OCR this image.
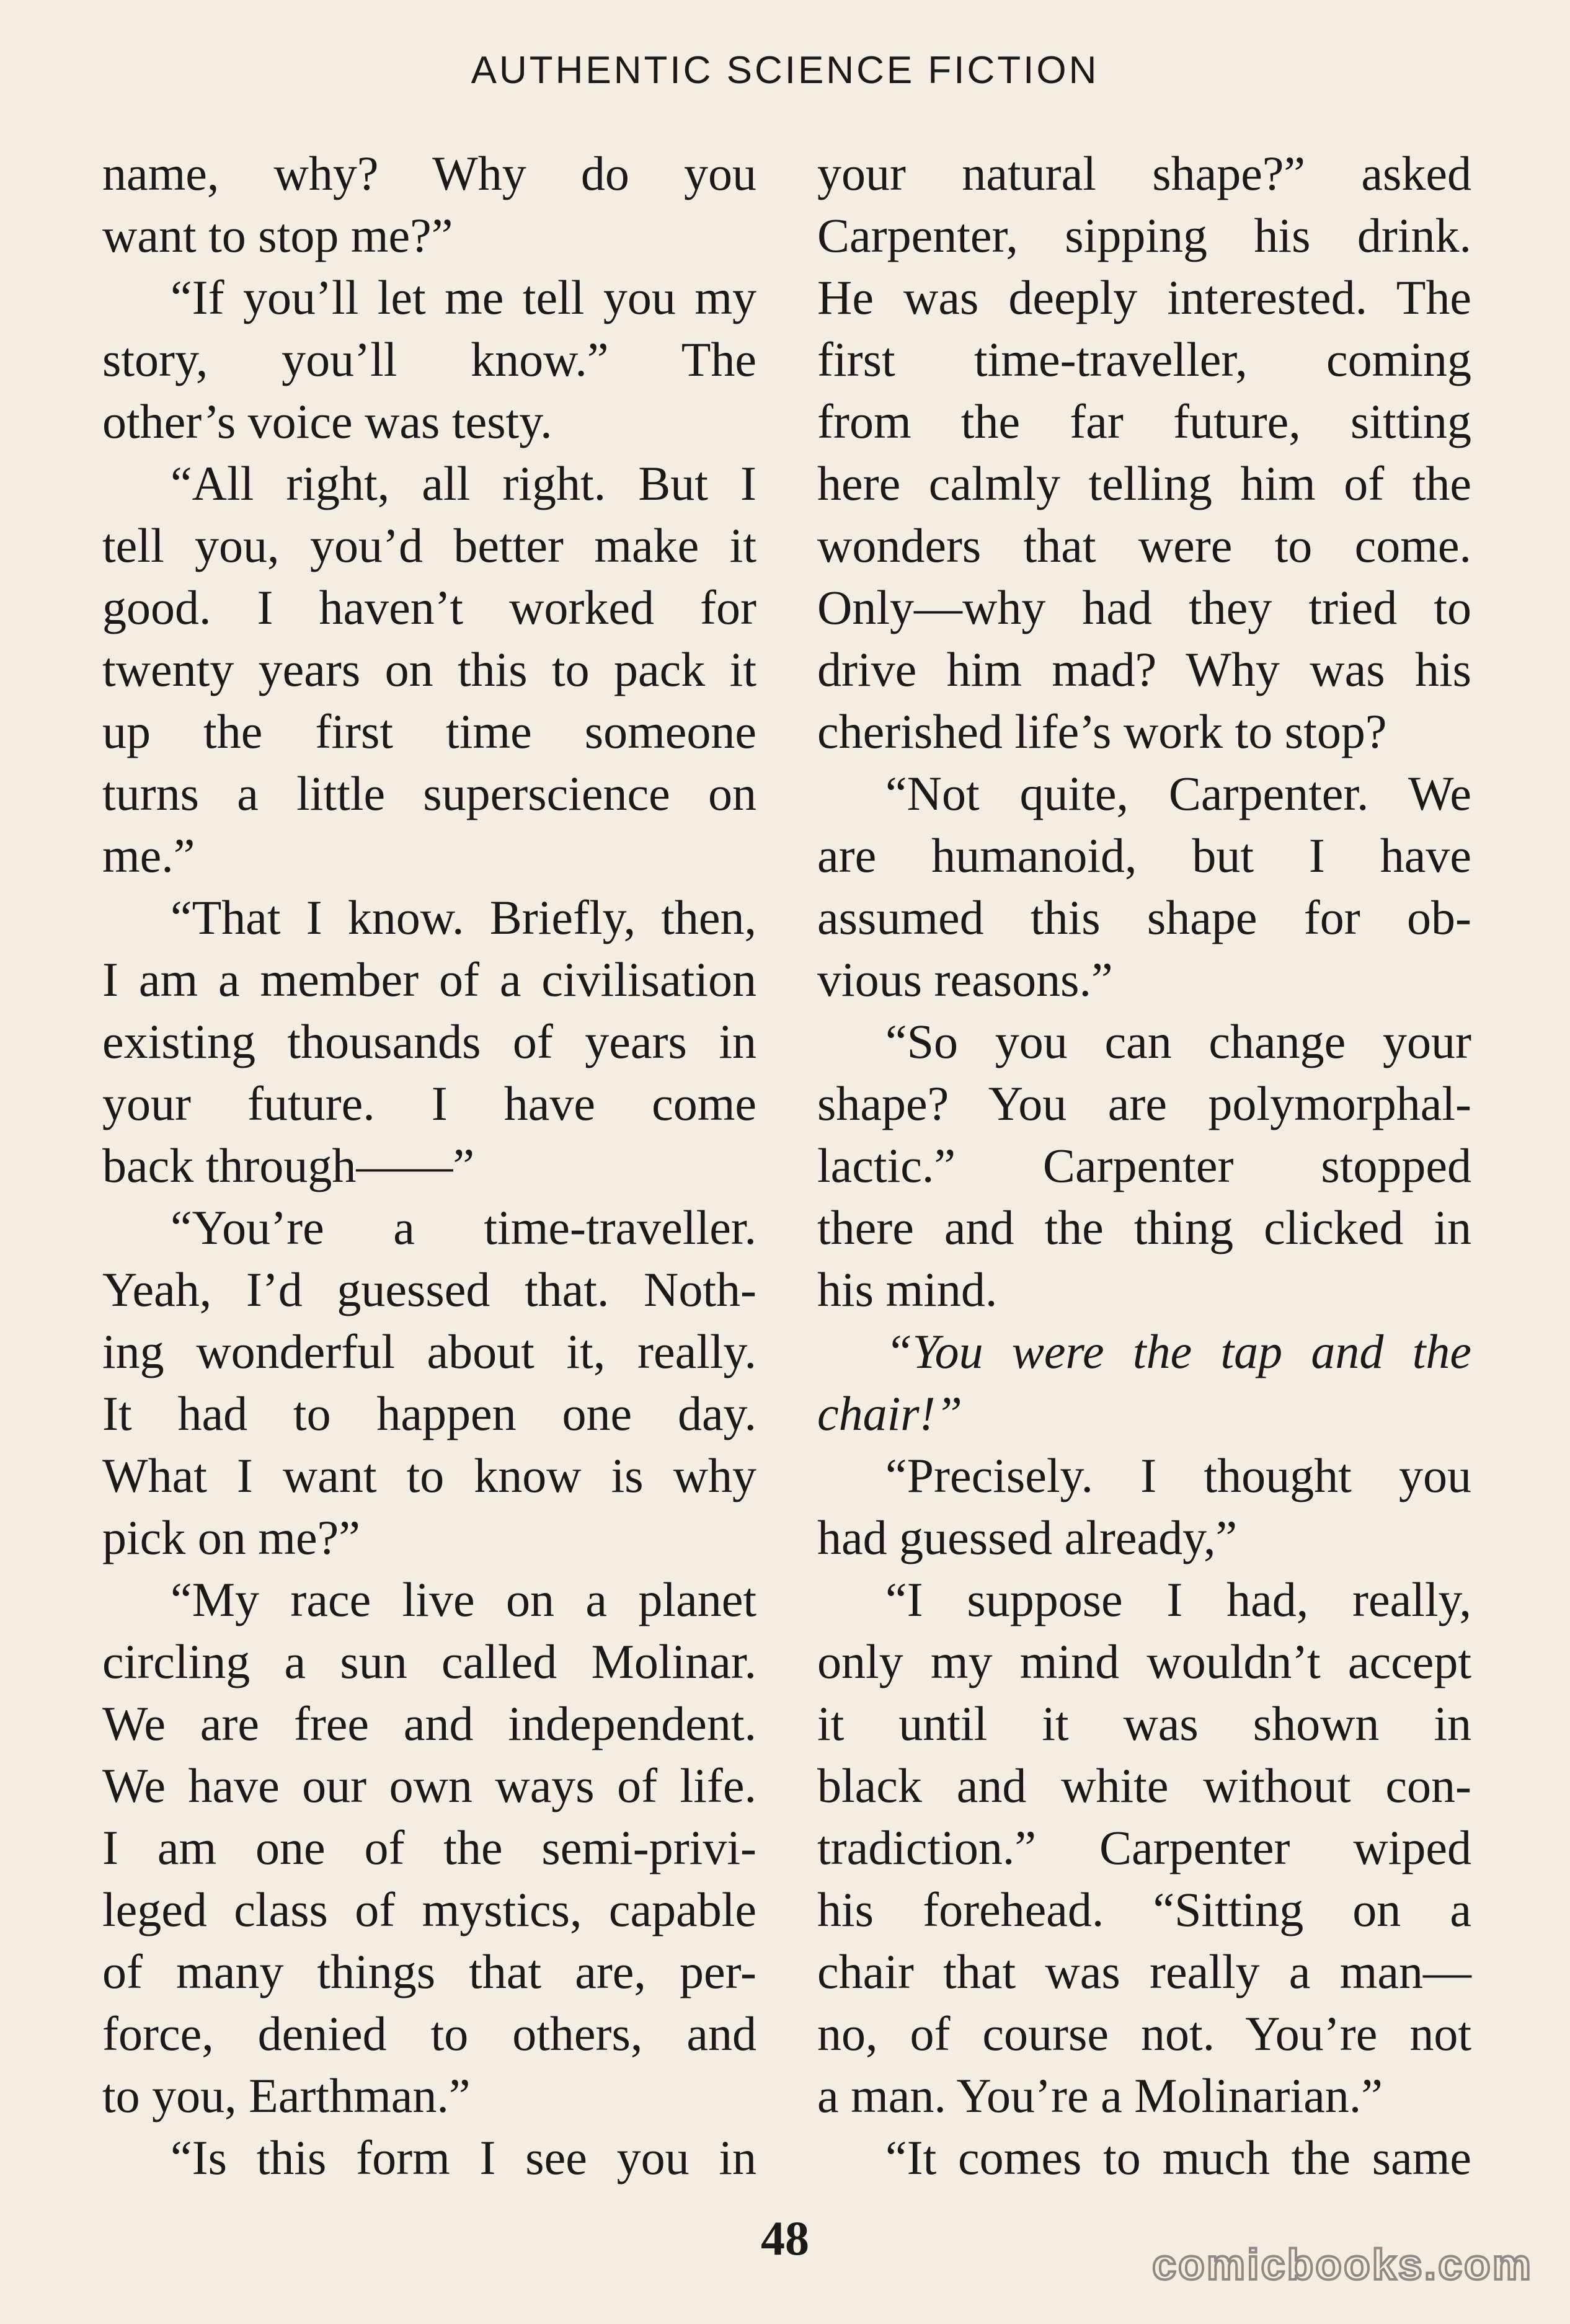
AUTHENTIC SCIENCE FICTION
name, why? Why do you
want to stop me?”
“If you’ll let me tell you my
story, you’ll know.” The
other’s voice was testy.
“All right, all right. But I
tell you, you’d better make it
good. I haven’t worked for
twenty years on this to pack it
up the first time someone
turns a little superscience on
me.”
“That I know. Briefly, then,
I am a member of a civilisation
existing thousands of years in
your future. I have come
back through——”
“You’re a time-traveller.
Yeah, I’d guessed that. Noth-
ing wonderful about it, really.
It had to happen one day.
What I want to know is why
pick on me?”
“My race live on a planet
circling a sun called Molinar.
We are free and independent.
We have our own ways of life.
I am one of the semi-privi-
leged class of mystics, capable
of many things that are, per-
force, denied to others, and
to you, Earthman.”
“Is this form I see you in
your natural shape?” asked
Carpenter, sipping his drink.
He was deeply interested. The
first time-traveller, coming
from the far future, sitting
here calmly telling him of the
wonders that were to come.
Only—why had they tried to
drive him mad? Why was his
cherished life’s work to stop?
“Not quite, Carpenter. We
are humanoid, but I have
assumed this shape for ob-
vious reasons.”
“So you can change your
shape? You are polymorphal-
lactic.” Carpenter stopped
there and the thing clicked in
his mind.
“You were the tap and the
chair!”
“Precisely. I thought you
had guessed already,”
“I suppose I had, really,
only my mind wouldn’t accept
it until it was shown in
black and white without con-
tradiction.” Carpenter wiped
his forehead. “Sitting on a
chair that was really a man—
no, of course not. You’re not
a man. You’re a Molinarian.”
“It comes to much the same
48	comicbooks.com
